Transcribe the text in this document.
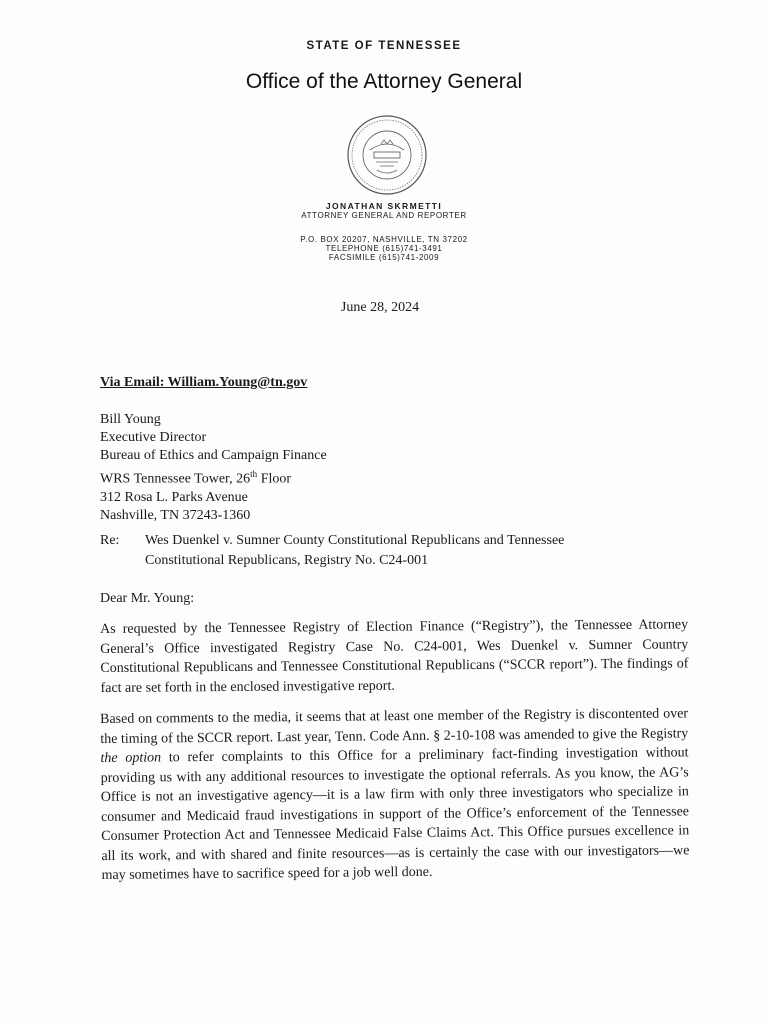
STATE OF TENNESSEE
Office of the Attorney General
JONATHAN SKRMETTI
ATTORNEY GENERAL AND REPORTER
P.O. BOX 20207, NASHVILLE, TN 37202
TELEPHONE (615)741-3491
FACSIMILE (615)741-2009
June 28, 2024
Via Email: William.Young@tn.gov
Bill Young
Executive Director
Bureau of Ethics and Campaign Finance
WRS Tennessee Tower, 26th Floor
312 Rosa L. Parks Avenue
Nashville, TN 37243-1360
Re: Wes Duenkel v. Sumner County Constitutional Republicans and Tennessee
Constitutional Republicans, Registry No. C24-001
Dear Mr. Young:
As requested by the Tennessee Registry of Election Finance (“Registry”), the Tennessee Attorney General’s Office investigated Registry Case No. C24-001, Wes Duenkel v. Sumner Country Constitutional Republicans and Tennessee Constitutional Republicans (“SCCR report”). The findings of fact are set forth in the enclosed investigative report.
Based on comments to the media, it seems that at least one member of the Registry is discontented over the timing of the SCCR report. Last year, Tenn. Code Ann. § 2-10-108 was amended to give the Registry the option to refer complaints to this Office for a preliminary fact-finding investigation without providing us with any additional resources to investigate the optional referrals. As you know, the AG’s Office is not an investigative agency—it is a law firm with only three investigators who specialize in consumer and Medicaid fraud investigations in support of the Office’s enforcement of the Tennessee Consumer Protection Act and Tennessee Medicaid False Claims Act. This Office pursues excellence in all its work, and with shared and finite resources—as is certainly the case with our investigators—we may sometimes have to sacrifice speed for a job well done.
